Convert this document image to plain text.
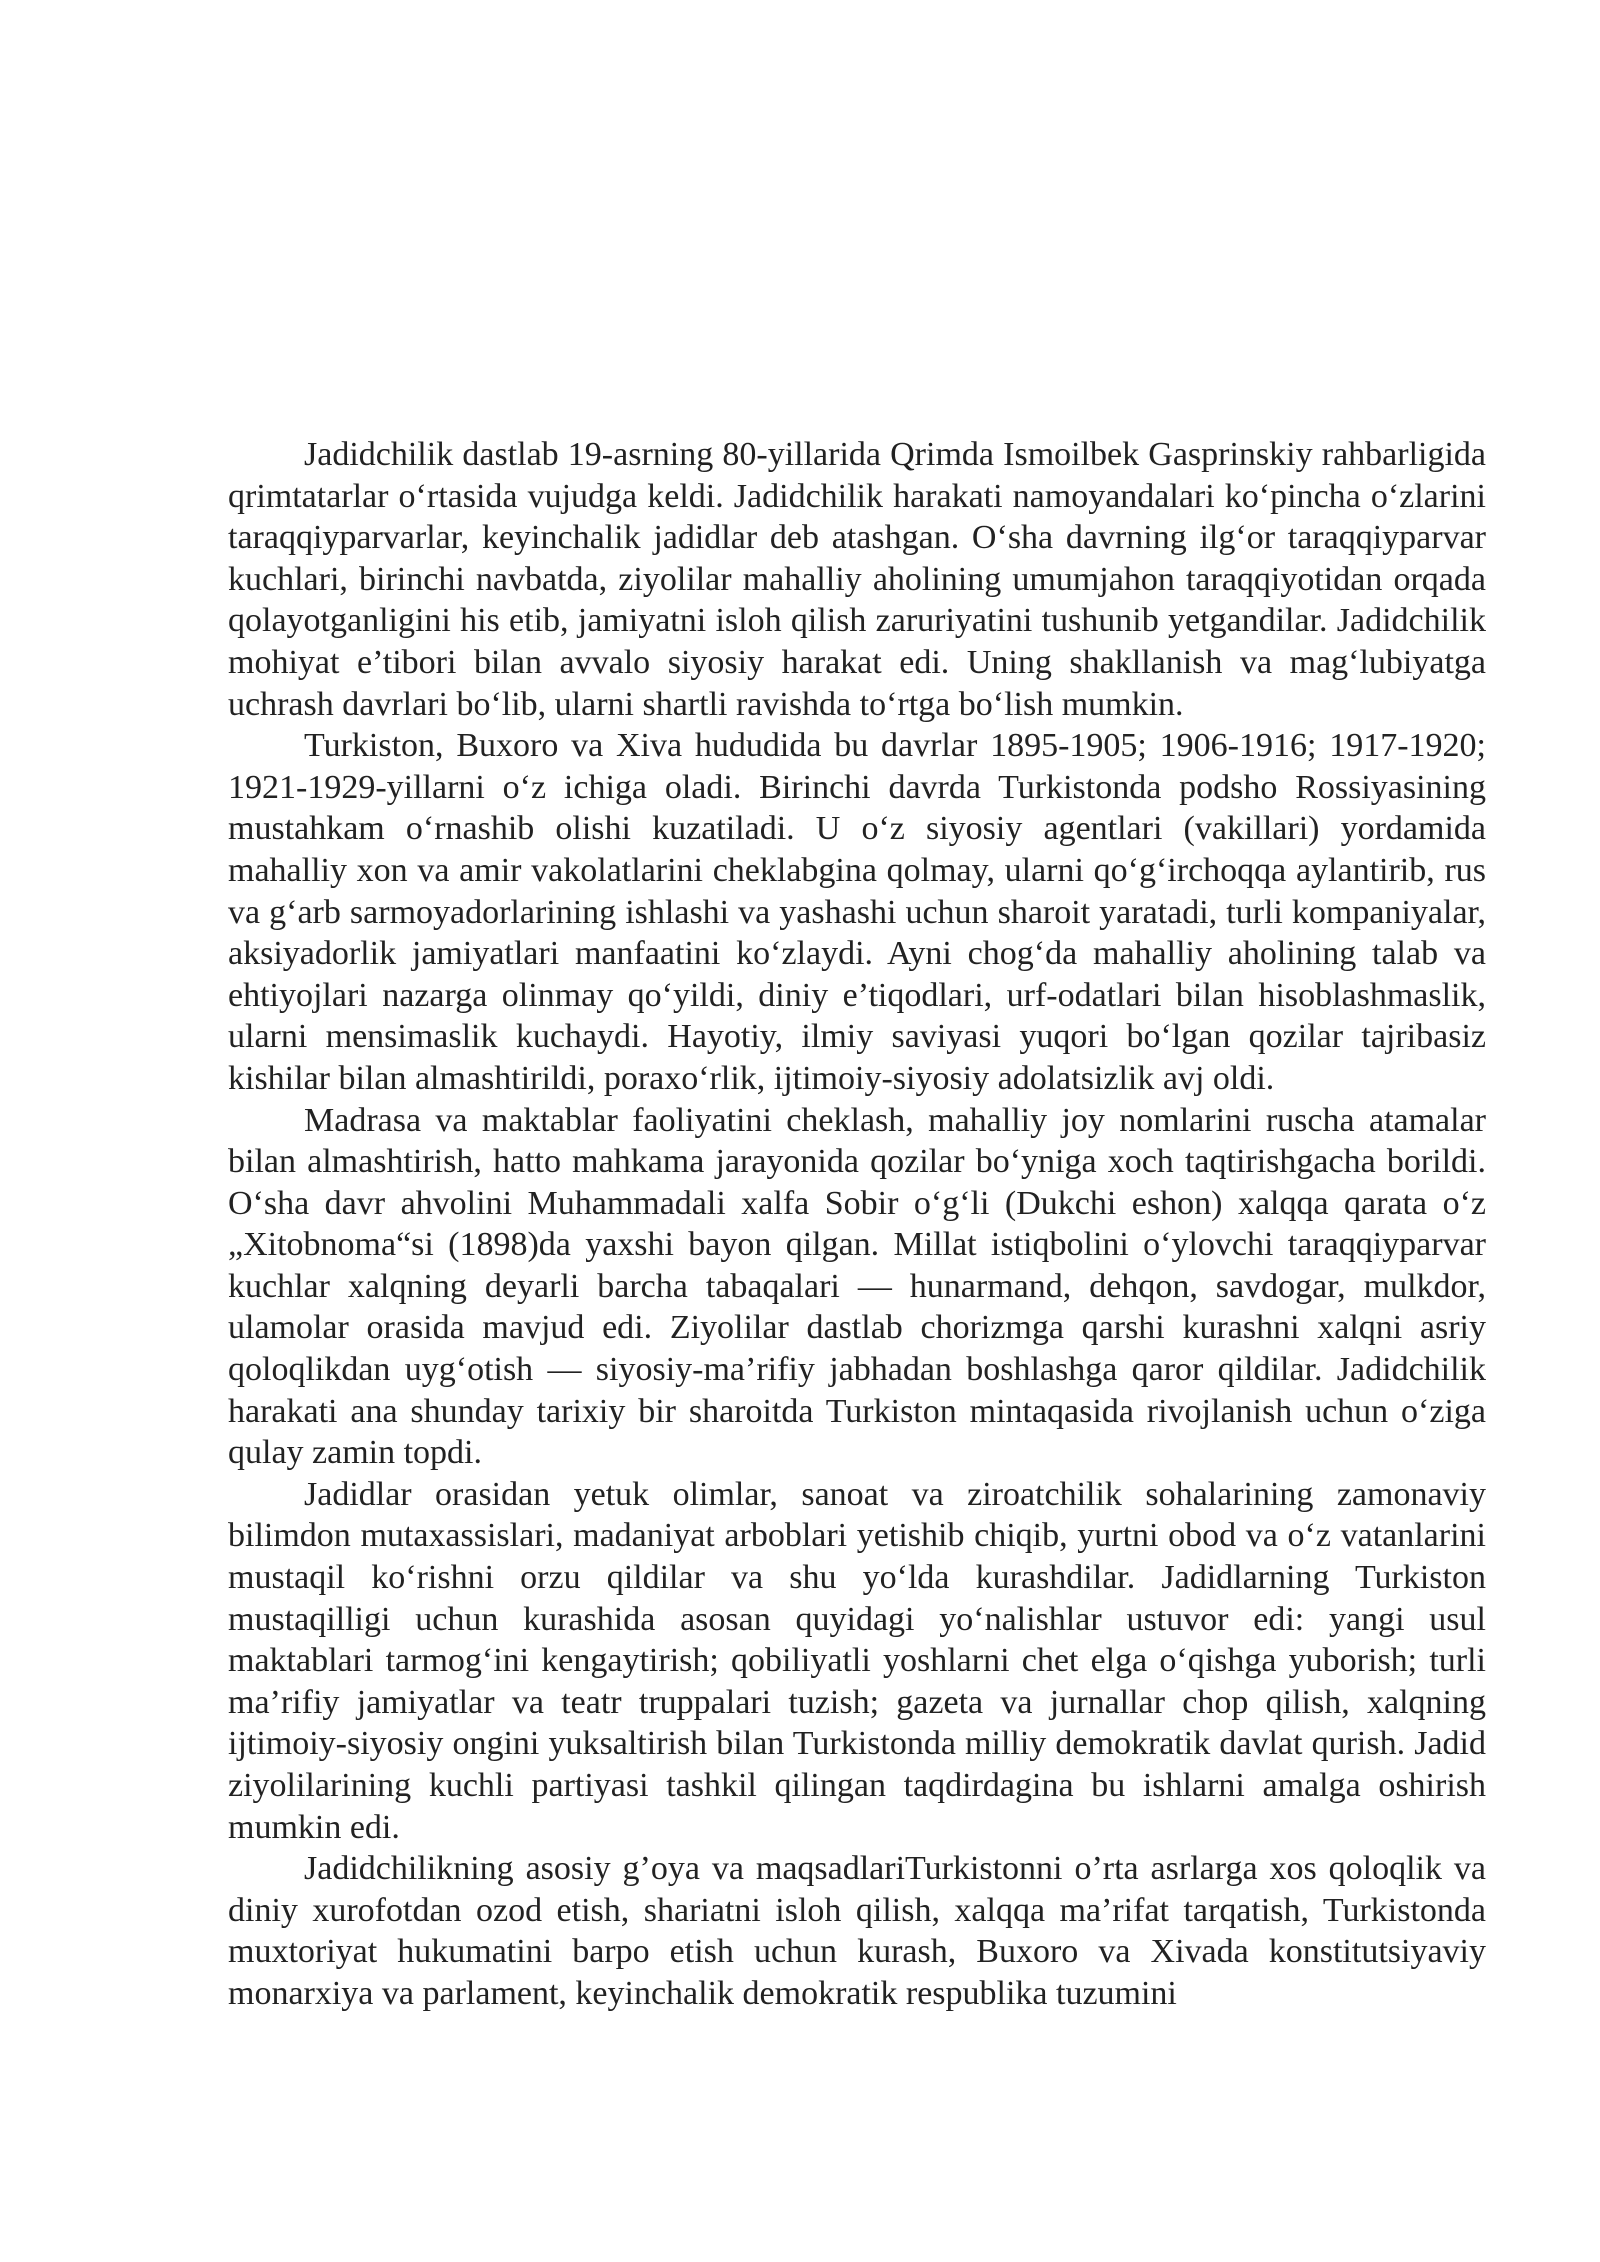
Jadidchilik dastlab 19-asrning 80-yillarida Qrimda Ismoilbek Gasprinskiy rahbarligida qrimtatarlar o‘rtasida vujudga keldi. Jadidchilik harakati namoyandalari ko‘pincha o‘zlarini taraqqiyparvarlar, keyinchalik jadidlar deb atashgan. O‘sha davrning ilg‘or taraqqiyparvar kuchlari, birinchi navbatda, ziyolilar mahalliy aholining umumjahon taraqqiyotidan orqada qolayotganligini his etib, jamiyatni isloh qilish zaruriyatini tushunib yetgandilar. Jadidchilik mohiyat e’tibori bilan avvalo siyosiy harakat edi. Uning shakllanish va mag‘lubiyatga uchrash davrlari bo‘lib, ularni shartli ravishda to‘rtga bo‘lish mumkin.

Turkiston, Buxoro va Xiva hududida bu davrlar 1895-1905; 1906-1916; 1917-1920; 1921-1929-yillarni o‘z ichiga oladi. Birinchi davrda Turkistonda podsho Rossiyasining mustahkam o‘rnashib olishi kuzatiladi. U o‘z siyosiy agentlari (vakillari) yordamida mahalliy xon va amir vakolatlarini cheklabgina qolmay, ularni qo‘g‘irchoqqa aylantirib, rus va g‘arb sarmoyadorlarining ishlashi va yashashi uchun sharoit yaratadi, turli kompaniyalar, aksiyadorlik jamiyatlari manfaatini ko‘zlaydi. Ayni chog‘da mahalliy aholining talab va ehtiyojlari nazarga olinmay qo‘yildi, diniy e’tiqodlari, urf-odatlari bilan hisoblashmaslik, ularni mensimaslik kuchaydi. Hayotiy, ilmiy saviyasi yuqori bo‘lgan qozilar tajribasiz kishilar bilan almashtirildi, poraxo‘rlik, ijtimoiy-siyosiy adolatsizlik avj oldi.

Madrasa va maktablar faoliyatini cheklash, mahalliy joy nomlarini ruscha atamalar bilan almashtirish, hatto mahkama jarayonida qozilar bo‘yniga xoch taqtirishgacha borildi. O‘sha davr ahvolini Muhammadali xalfa Sobir o‘g‘li (Dukchi eshon) xalqqa qarata o‘z „Xitobnoma“si (1898)da yaxshi bayon qilgan. Millat istiqbolini o‘ylovchi taraqqiyparvar kuchlar xalqning deyarli barcha tabaqalari — hunarmand, dehqon, savdogar, mulkdor, ulamolar orasida mavjud edi. Ziyolilar dastlab chorizmga qarshi kurashni xalqni asriy qoloqlikdan uyg‘otish — siyosiy-ma’rifiy jabhadan boshlashga qaror qildilar. Jadidchilik harakati ana shunday tarixiy bir sharoitda Turkiston mintaqasida rivojlanish uchun o‘ziga qulay zamin topdi.

Jadidlar orasidan yetuk olimlar, sanoat va ziroatchilik sohalarining zamonaviy bilimdon mutaxassislari, madaniyat arboblari yetishib chiqib, yurtni obod va o‘z vatanlarini mustaqil ko‘rishni orzu qildilar va shu yo‘lda kurashdilar. Jadidlarning Turkiston mustaqilligi uchun kurashida asosan quyidagi yo‘nalishlar ustuvor edi: yangi usul maktablari tarmog‘ini kengaytirish; qobiliyatli yoshlarni chet elga o‘qishga yuborish; turli ma’rifiy jamiyatlar va teatr truppalari tuzish; gazeta va jurnallar chop qilish, xalqning ijtimoiy-siyosiy ongini yuksaltirish bilan Turkistonda milliy demokratik davlat qurish. Jadid ziyolilarining kuchli partiyasi tashkil qilingan taqdirdagina bu ishlarni amalga oshirish mumkin edi.

Jadidchilikning asosiy g’oya va maqsadlariTurkistonni o’rta asrlarga xos qoloqlik va diniy xurofotdan ozod etish, shariatni isloh qilish, xalqqa ma’rifat tarqatish, Turkistonda muxtoriyat hukumatini barpo etish uchun kurash, Buxoro va Xivada konstitutsiyaviy monarxiya va parlament, keyinchalik demokratik respublika tuzumini
